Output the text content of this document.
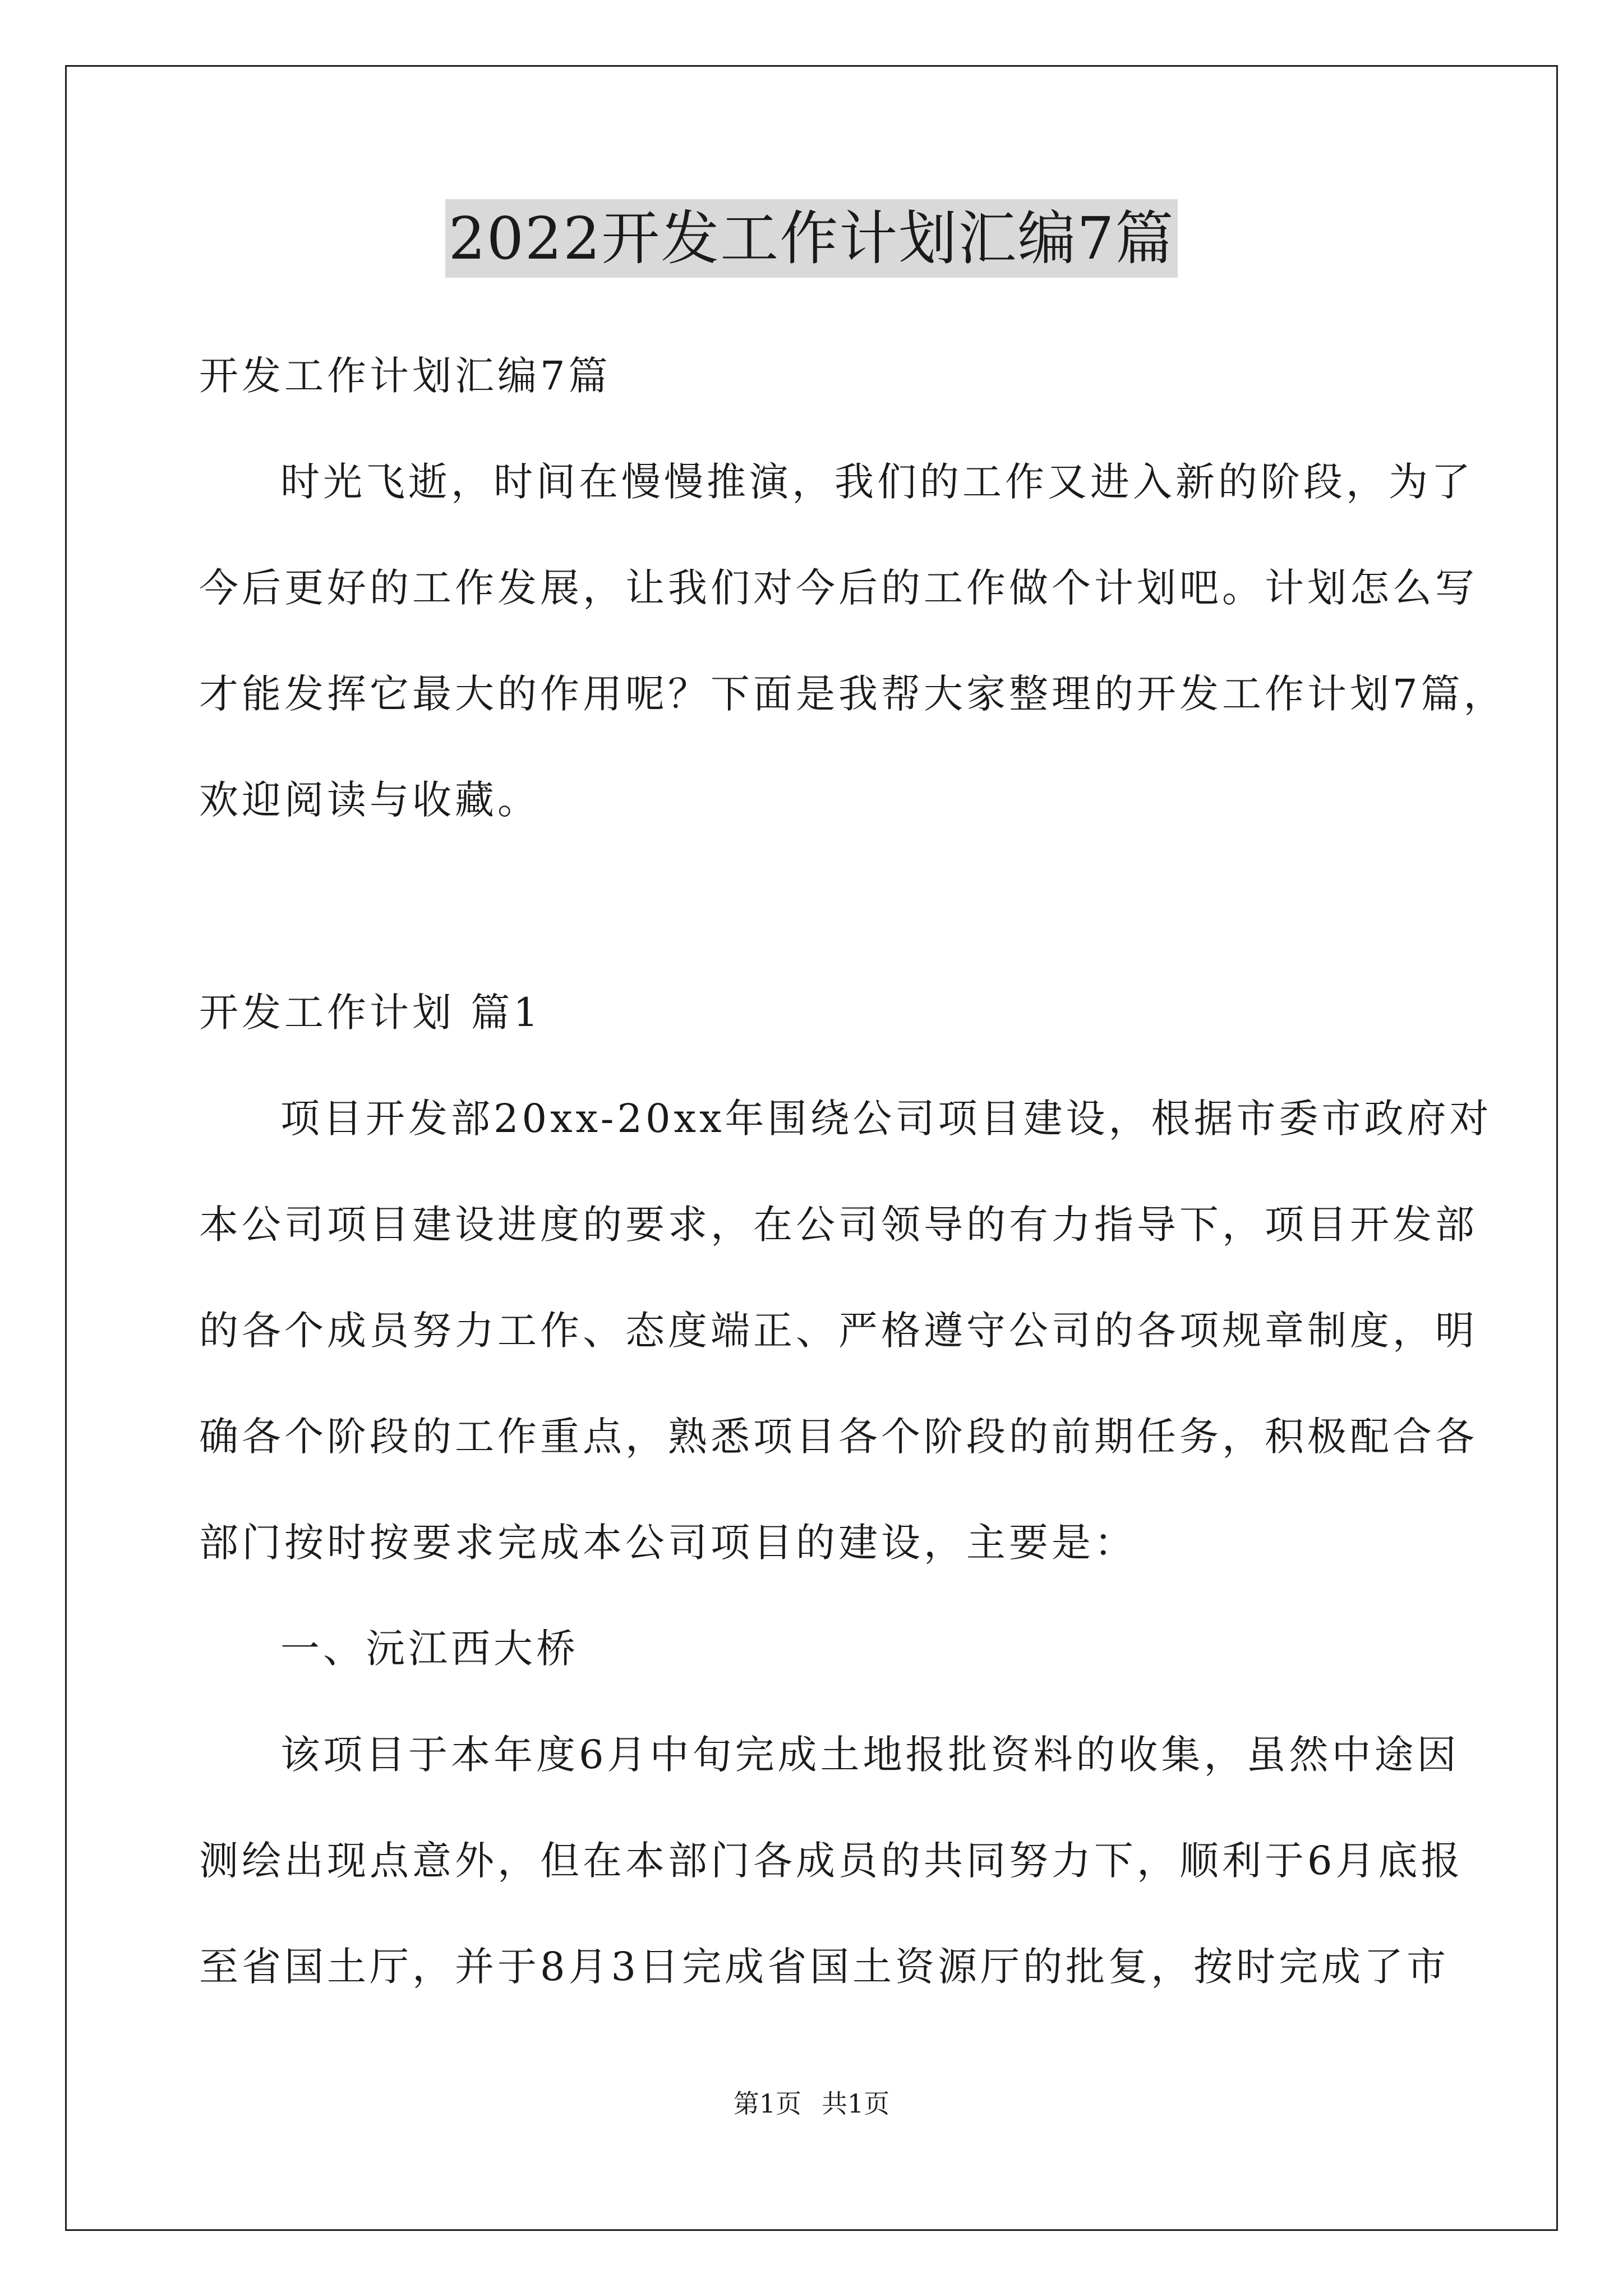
2022开发工作计划汇编7篇
开发工作计划汇编7篇
时光飞逝，时间在慢慢推演，我们的工作又进入新的阶段，为了
今后更好的工作发展，让我们对今后的工作做个计划吧。计划怎么写
才能发挥它最大的作用呢？下面是我帮大家整理的开发工作计划7篇，
欢迎阅读与收藏。
开发工作计划 篇1
项目开发部20xx-20xx年围绕公司项目建设，根据市委市政府对
本公司项目建设进度的要求，在公司领导的有力指导下，项目开发部
的各个成员努力工作、态度端正、严格遵守公司的各项规章制度，明
确各个阶段的工作重点，熟悉项目各个阶段的前期任务，积极配合各
部门按时按要求完成本公司项目的建设，主要是：
一、沅江西大桥
该项目于本年度6月中旬完成土地报批资料的收集，虽然中途因
测绘出现点意外，但在本部门各成员的共同努力下，顺利于6月底报
至省国土厅，并于8月3日完成省国土资源厅的批复，按时完成了市
第1页 共1页
